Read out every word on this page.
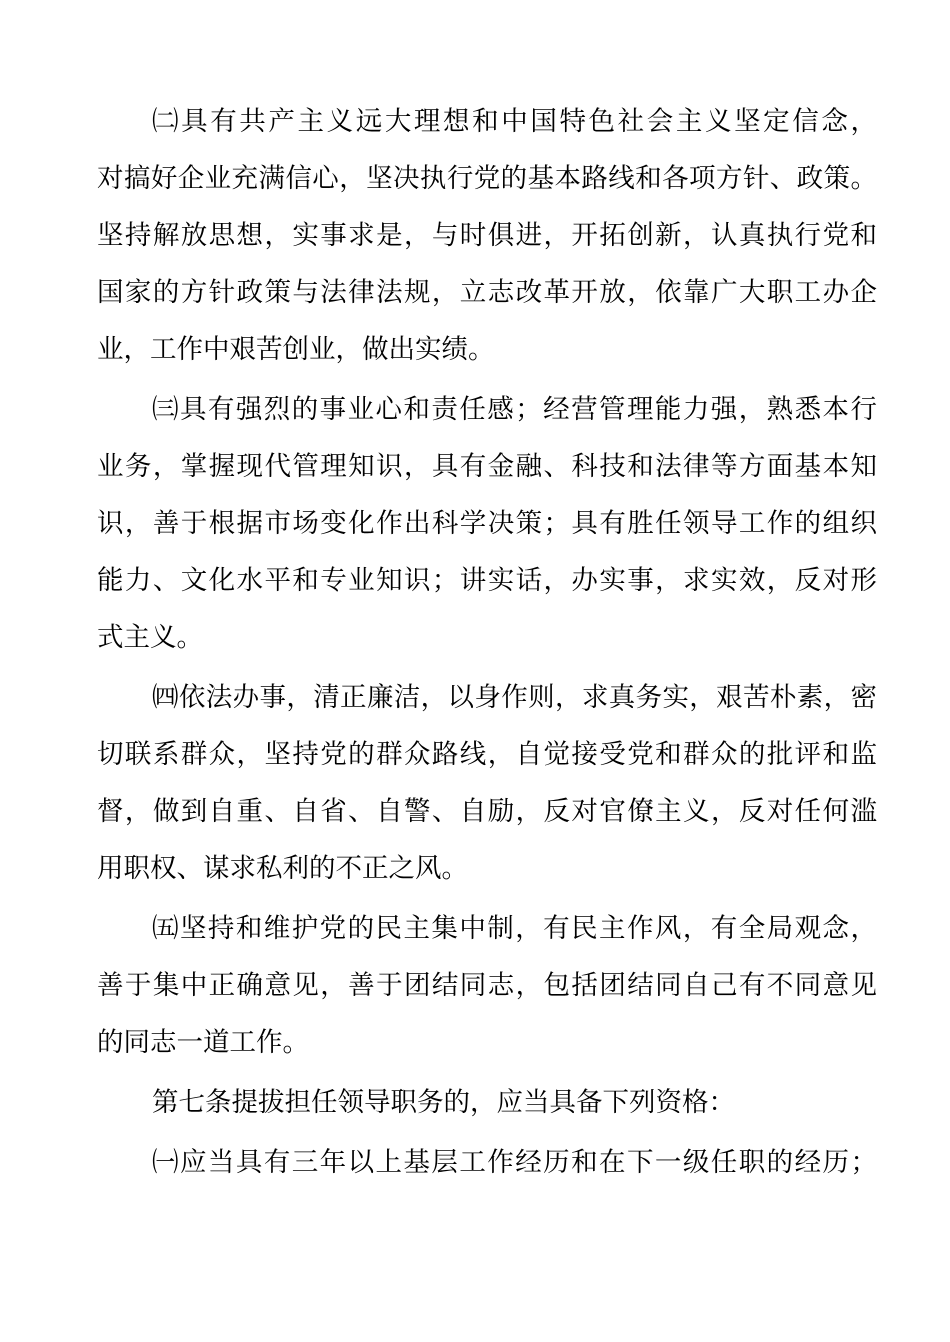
㈡具有共产主义远大理想和中国特色社会主义坚定信念，
对搞好企业充满信心，坚决执行党的基本路线和各项方针、政策。
坚持解放思想，实事求是，与时俱进，开拓创新，认真执行党和
国家的方针政策与法律法规，立志改革开放，依靠广大职工办企
业，工作中艰苦创业，做出实绩。
㈢具有强烈的事业心和责任感；经营管理能力强，熟悉本行
业务，掌握现代管理知识，具有金融、科技和法律等方面基本知
识，善于根据市场变化作出科学决策；具有胜任领导工作的组织
能力、文化水平和专业知识；讲实话，办实事，求实效，反对形
式主义。
㈣依法办事，清正廉洁，以身作则，求真务实，艰苦朴素，密
切联系群众，坚持党的群众路线，自觉接受党和群众的批评和监
督，做到自重、自省、自警、自励，反对官僚主义，反对任何滥
用职权、谋求私利的不正之风。
㈤坚持和维护党的民主集中制，有民主作风，有全局观念，
善于集中正确意见，善于团结同志，包括团结同自己有不同意见
的同志一道工作。
第七条提拔担任领导职务的，应当具备下列资格：
㈠应当具有三年以上基层工作经历和在下一级任职的经历；
